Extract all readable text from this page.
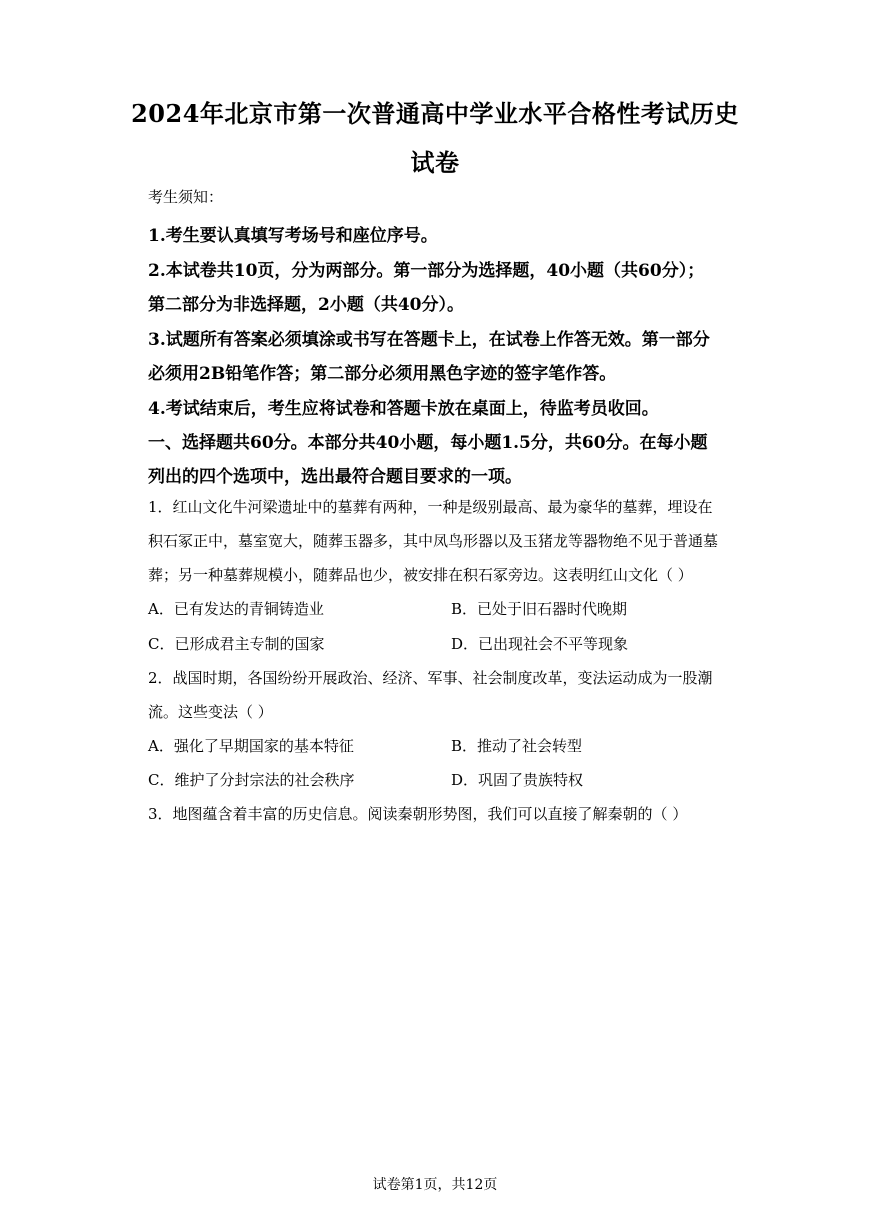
2024年北京市第一次普通高中学业水平合格性考试历史
试卷
考生须知：
1.考生要认真填写考场号和座位序号。
2.本试卷共10页，分为两部分。第一部分为选择题，40小题（共60分）；
第二部分为非选择题，2小题（共40分）。
3.试题所有答案必须填涂或书写在答题卡上，在试卷上作答无效。第一部分
必须用2B铅笔作答；第二部分必须用黑色字迹的签字笔作答。
4.考试结束后，考生应将试卷和答题卡放在桌面上，待监考员收回。
一、选择题共60分。本部分共40小题，每小题1.5分，共60分。在每小题
列出的四个选项中，选出最符合题目要求的一项。
1．红山文化牛河梁遗址中的墓葬有两种，一种是级别最高、最为豪华的墓葬，埋设在
积石冢正中，墓室宽大，随葬玉器多，其中凤鸟形器以及玉猪龙等器物绝不见于普通墓
葬；另一种墓葬规模小，随葬品也少，被安排在积石冢旁边。这表明红山文化（ ）
A．已有发达的青铜铸造业	B．已处于旧石器时代晚期
C．已形成君主专制的国家	D．已出现社会不平等现象
2．战国时期，各国纷纷开展政治、经济、军事、社会制度改革，变法运动成为一股潮
流。这些变法（ ）
A．强化了早期国家的基本特征	B．推动了社会转型
C．维护了分封宗法的社会秩序	D．巩固了贵族特权
3．地图蕴含着丰富的历史信息。阅读秦朝形势图，我们可以直接了解秦朝的（ ）
试卷第1页，共12页
